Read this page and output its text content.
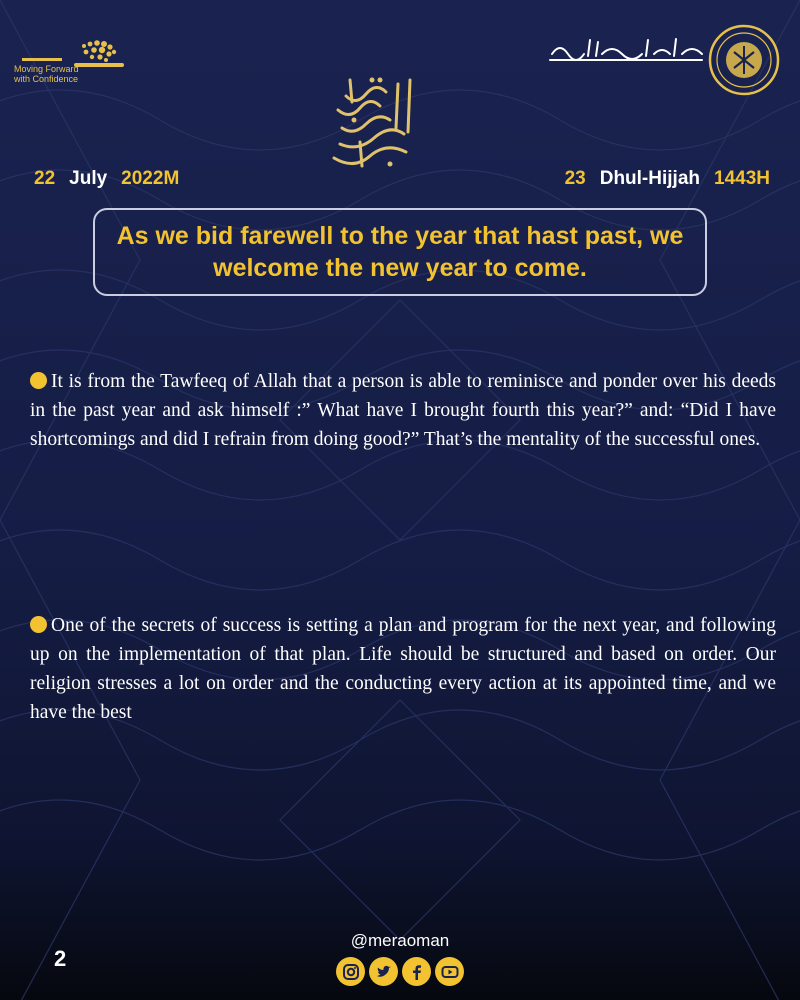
Moving Forward
with Confidence
22 July 2022M	23 Dhul-Hijjah 1443H
As we bid farewell to the year that hast past, we welcome the new year to come.
It is from the Tawfeeq of Allah that a person is able to reminisce and ponder over his deeds in the past year and ask himself :” What have I brought fourth this year?” and: “Did I have shortcomings and did I refrain from doing good?” That’s the mentality of the successful ones.
One of the secrets of success is setting a plan and program for the next year, and following up on the implementation of that plan. Life should be structured and based on order. Our religion stresses a lot on order and the conducting every action at its appointed time, and we have the best
2
@meraoman
